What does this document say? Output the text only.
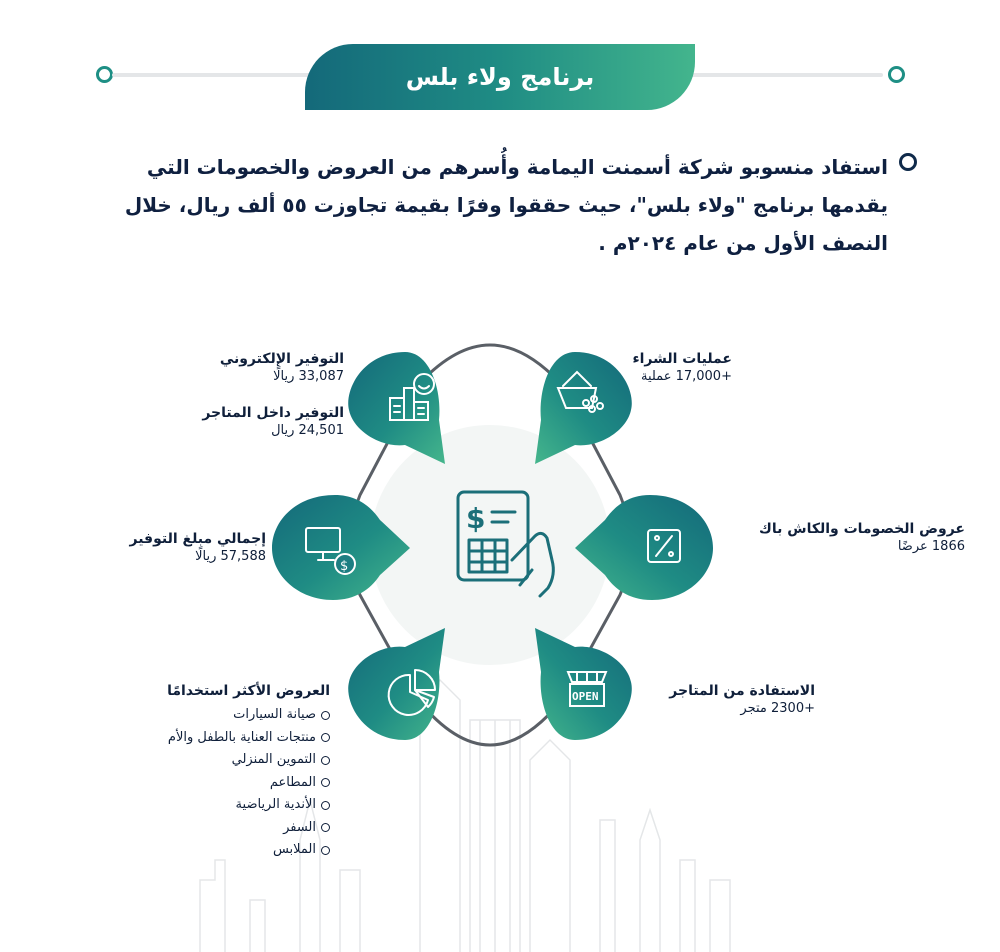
برنامج ولاء بلس
استفاد منسوبو شركة أسمنت اليمامة وأُسرهم من العروض والخصومات التي يقدمها برنامج "ولاء بلس"، حيث حققوا وفرًا بقيمة تجاوزت ٥٥ ألف ريال، خلال النصف الأول من عام ٢٠٢٤م .
$
$
OPEN
عمليات الشراء
+17,000 عملية
عروض الخصومات والكاش باك
1866 عرضًا
الاستفادة من المتاجر
+2300 متجر
التوفير الإلكتروني
33,087 ريالًا
التوفير داخل المتاجر
24,501 ريال
إجمالي مبلغ التوفير
57,588 ريالًا
العروض الأكثر استخدامًا
صيانة السيارات
منتجات العناية بالطفل والأم
التموين المنزلي
المطاعم
الأندية الرياضية
السفر
الملابس
